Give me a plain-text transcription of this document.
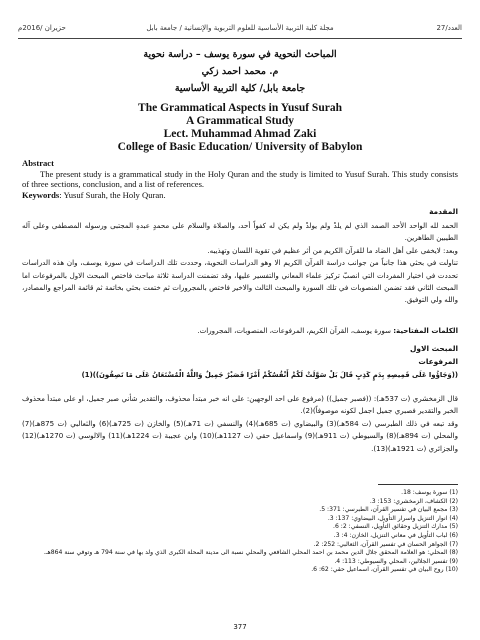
حزيران /2016م	مجلة كلية التربية الأساسية للعلوم التربوية والإنسانية / جامعة بابل	العدد/27
المباحث النحوية في سورة يوسف – دراسة نحوية
م. محمد احمد زكي
جامعة بابل/ كلية التربية الأساسية
The Grammatical Aspects in Yusuf Surah
A Grammatical Study
Lect. Muhammad Ahmad Zaki
College of Basic Education/ University of Babylon
Abstract
The present study is a grammatical study in the Holy Quran and the study is limited to Yusuf Surah. This study consists of three sections, conclusion, and a list of references.
Keywords: Yusuf Surah, the Holy Quran.
المقدمة
الحمد لله الواحد الأحد الصمد الذي لم يلدْ ولم يولدْ ولم يكن له كفواً أحد، والصلاة والسلام على محمدٍ عبدهِ المجتبى ورسوله المصطفى وعلى آله الطيبين الطاهرين.
وبعد: لايخفى على أهل الضاد ما للقرآن الكريم من أثر عظيم في تقوية اللسان وتهذيبه.
تناولت في بحثي هذا جانباً من جوانب دراسة القرآن الكريم الا وهو الدراسات النحوية، وحددت تلك الدراسات في سورة يوسف، وان هذه الدراسات تحددت في اختيار المفردات التي انصبّ تركيز علماء المعاني والتفسير عليها، وقد تضمنت الدراسة ثلاثة مباحث فاختص المبحث الاول بالمرفوعات اما المبحث الثاني فقد تضمن المنصوبات في تلك السورة والمبحث الثالث والاخير فاختص بالمجرورات ثم ختمت بحثي بخاتمة ثم قائمة المراجع والمصادر، والله ولي التوفيق.
الكلمات المفتاحية: سورة يوسف، القرآن الكريم، المرفوعات، المنصوبات، المجرورات.
المبحث الاول
المرفوعات
((وَجَاؤُوا عَلَى قَمِيصِهِ بِدَمٍ كَذِبٍ قَالَ بَلْ سَوَّلَتْ لَكُمْ أَنْفُسُكُمْ أَمْرًا فَصَبْرٌ جَمِيلٌ وَاللَّهُ الْمُسْتَعَانُ عَلَى مَا تَصِفُونَ))(1)
قال الزمخشري (ت 537هـ): ((فصبر جميل)) (مرفوع على احد الوجهين: على انه خبر مبتدأ محذوف، والتقدير شأني صبر جميل، او على مبتدأ محذوف الخبر والتقدير فصبري جميل اجمل لكونه موصوفاً)(2).
وقد تبعه في ذلك الطبرسي (ت 584هـ)(3) والبيضاوي (ت 685هـ)(4) والنسفي (ت 71هـ)(5) والخازن (ت 725هـ)(6) والثعالبي (ت 875هـ)(7) والمحلي (ت 894هـ)(8) والسيوطي (ت 911هـ)(9) واسماعيل حقي (ت 1127هـ)(10) وابن عجيبة (ت 1224هـ)(11) والالوسي (ت 1270هـ)(12) والجزائري (ت 1921هـ)(13).
(1) سورة يوسف: 18.
(2) الكشاف، الزمخشري: 153: 3.
(3) مجمع البيان في تفسير القرآن، الطبرسي: 371: 5.
(4) انوار التنزيل واسرار التأويل، البيضاوي: 137: 3.
(5) مدارك التنزيل وحقائق التأويل، النسفي: 2: 6.
(6) لباب التأويل في معاني التنزيل، الخازن: 4: 3.
(7) الجواهر الحسان في تفسير القرآن، الثعالبي: 252: 2.
(8) المحلي: هو العلامة المحقق جلال الدين محمد بن احمد المحلي الشافعي والمحلي نسبة الى مدينة المحلة الكبرى الذي ولد بها في سنة 794 هـ وتوفي سنة 864هـ.
(9) تفسير الجلالين، المحلي والسيوطي: 113: 4.
(10) روح البيان في تفسير القرآن، اسماعيل حقي: 62: 6.
377
